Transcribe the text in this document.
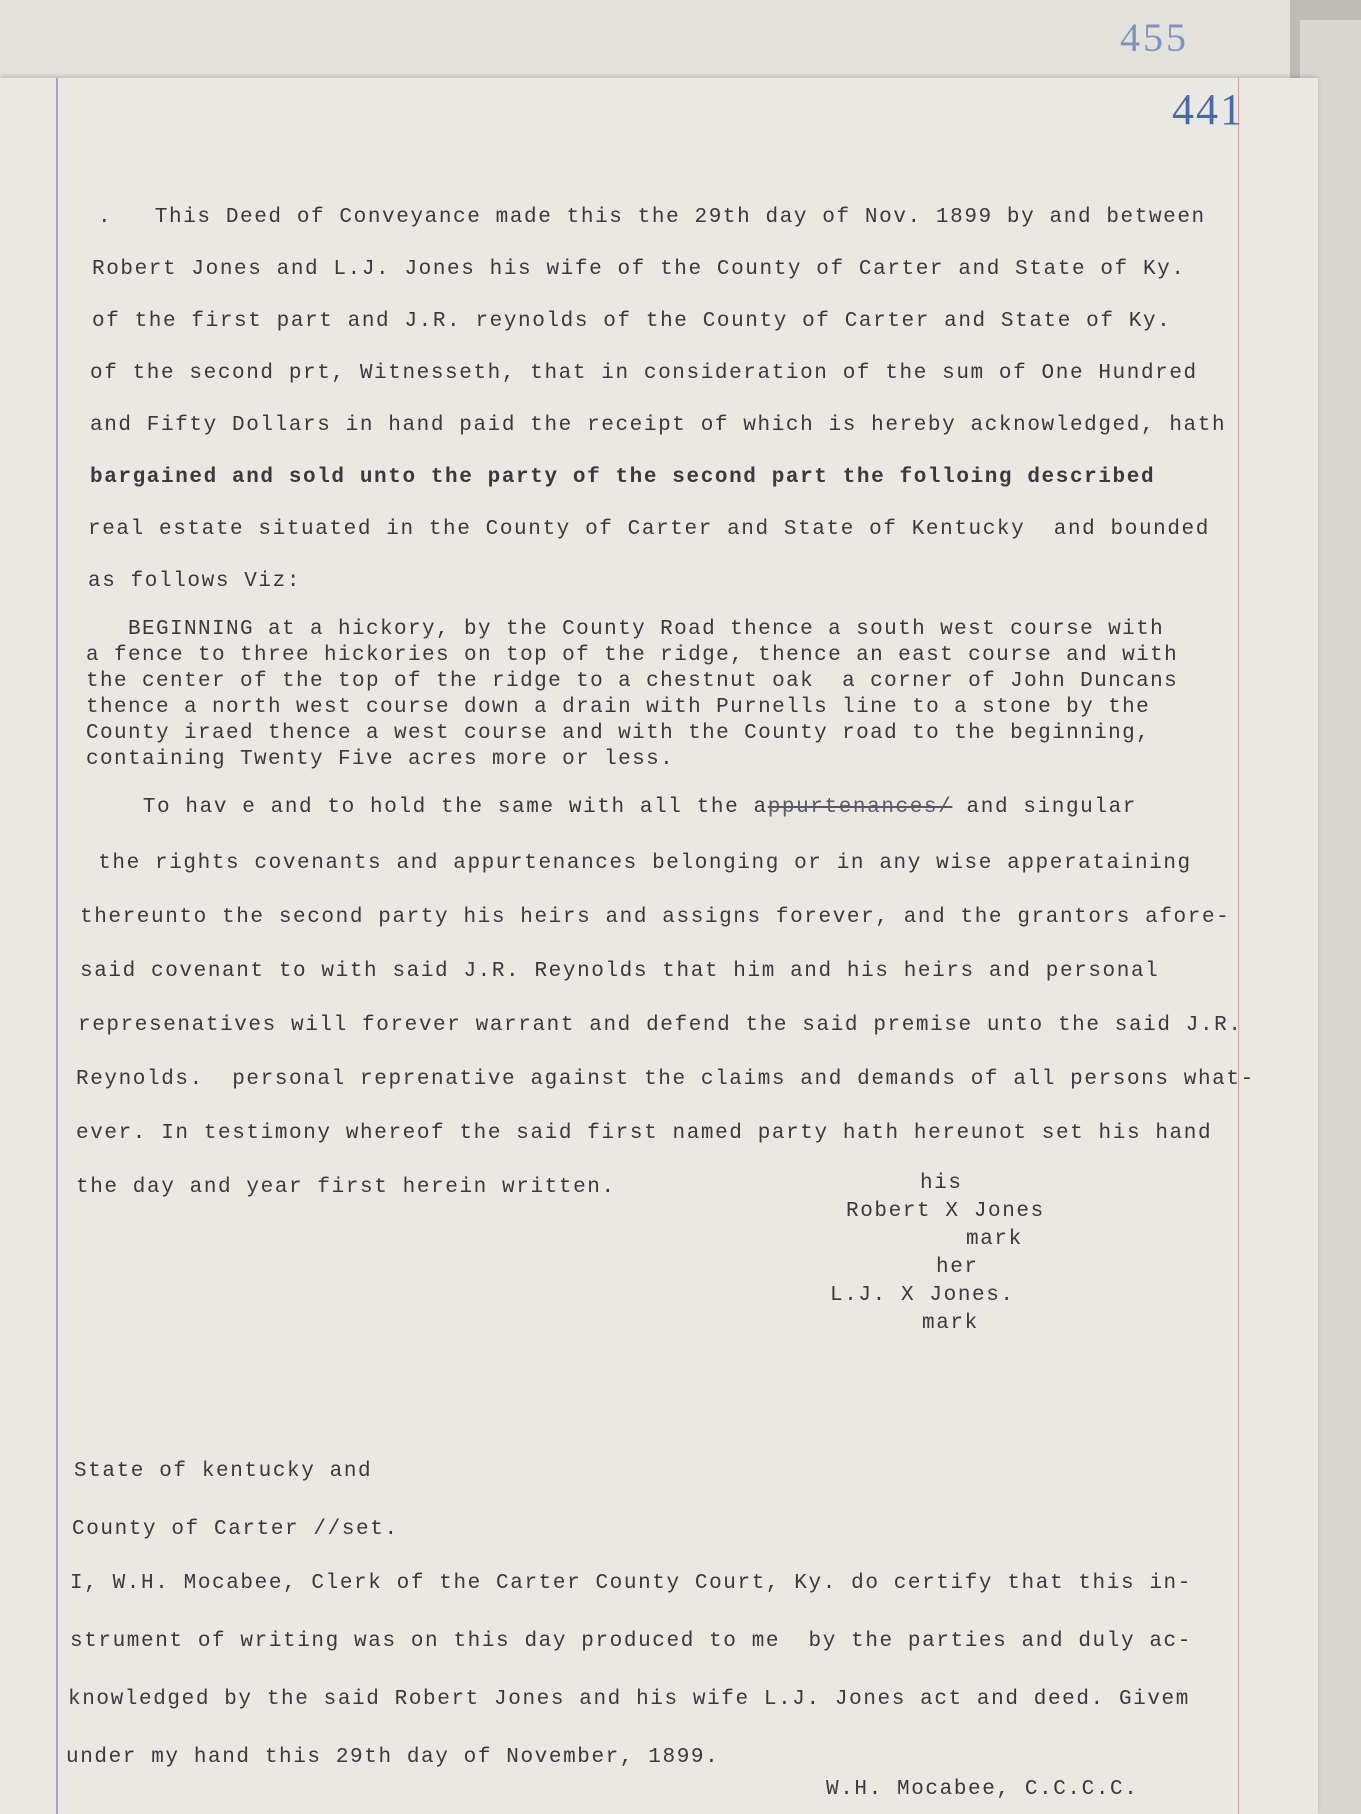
455
441
.   This Deed of Conveyance made this the 29th day of Nov. 1899 by and between
Robert Jones and L.J. Jones his wife of the County of Carter and State of Ky.
of the first part and J.R. reynolds of the County of Carter and State of Ky.
of the second prt, Witnesseth, that in consideration of the sum of One Hundred
and Fifty Dollars in hand paid the receipt of which is hereby acknowledged, hath
bargained and sold unto the party of the second part the folloing described
real estate situated in the County of Carter and State of Kentucky  and bounded
as follows Viz:
BEGINNING at a hickory, by the County Road thence a south west course with
a fence to three hickories on top of the ridge, thence an east course and with
the center of the top of the ridge to a chestnut oak  a corner of John Duncans
thence a north west course down a drain with Purnells line to a stone by the
County iraed thence a west course and with the County road to the beginning,
containing Twenty Five acres more or less.
To hav e and to hold the same with all the appurtenances/ and singular
the rights covenants and appurtenances belonging or in any wise apperataining
thereunto the second party his heirs and assigns forever, and the grantors afore-
said covenant to with said J.R. Reynolds that him and his heirs and personal
represenatives will forever warrant and defend the said premise unto the said J.R.
Reynolds.  personal reprenative against the claims and demands of all persons what-
ever. In testimony whereof the said first named party hath hereunot set his hand
the day and year first herein written.	his
Robert X Jones
mark
her
L.J. X Jones.
mark
State of kentucky and
County of Carter //set.
I, W.H. Mocabee, Clerk of the Carter County Court, Ky. do certify that this in-
strument of writing was on this day produced to me  by the parties and duly ac-
knowledged by the said Robert Jones and his wife L.J. Jones act and deed. Givem
under my hand this 29th day of November, 1899.
W.H. Mocabee, C.C.C.C.
